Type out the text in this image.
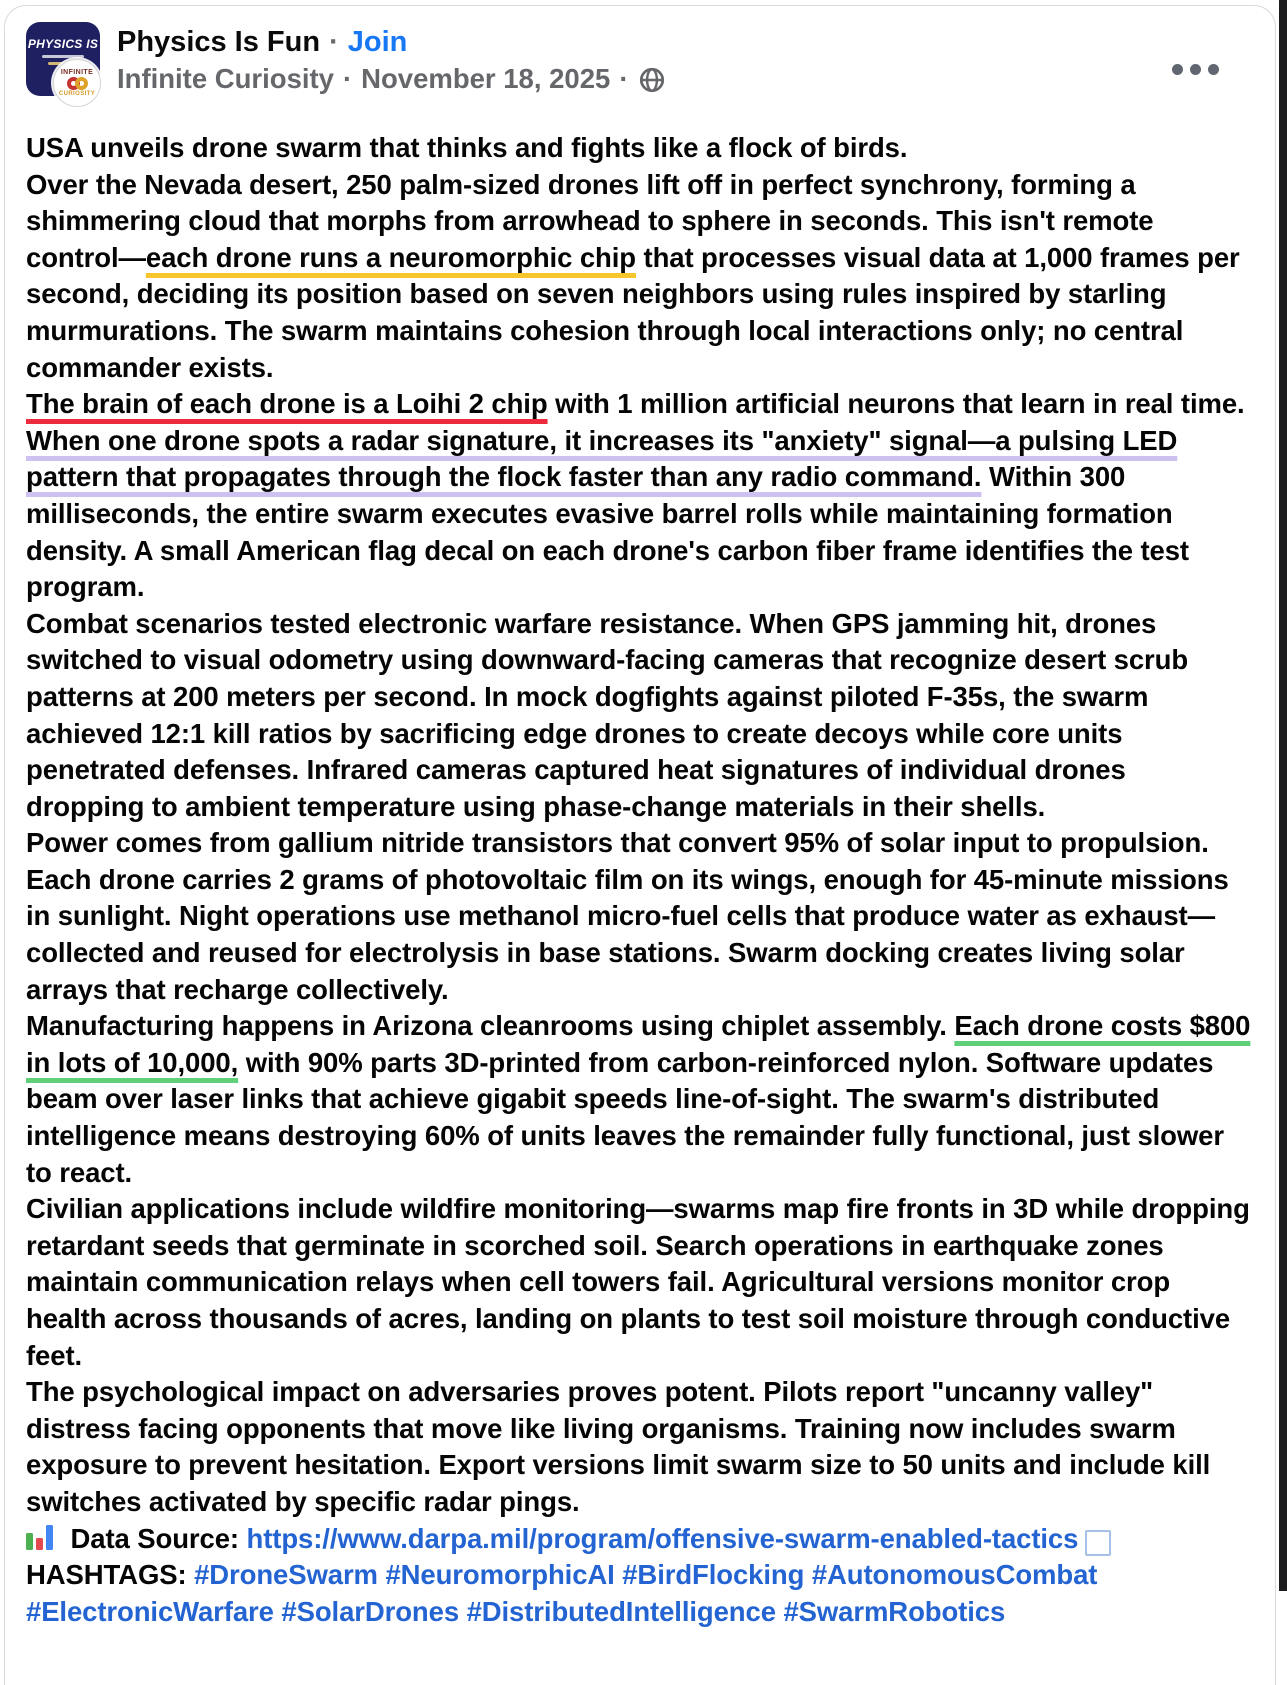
PHYSICS IS
INFINITE
CURIOSITY
Physics Is Fun · Join
Infinite Curiosity · November 18, 2025 ·
USA unveils drone swarm that thinks and fights like a flock of birds.
Over the Nevada desert, 250 palm-sized drones lift off in perfect synchrony, forming a shimmering cloud that morphs from arrowhead to sphere in seconds. This isn't remote control—each drone runs a neuromorphic chip that processes visual data at 1,000 frames per second, deciding its position based on seven neighbors using rules inspired by starling murmurations. The swarm maintains cohesion through local interactions only; no central commander exists.
The brain of each drone is a Loihi 2 chip with 1 million artificial neurons that learn in real time. When one drone spots a radar signature, it increases its "anxiety" signal—a pulsing LED pattern that propagates through the flock faster than any radio command. Within 300 milliseconds, the entire swarm executes evasive barrel rolls while maintaining formation density. A small American flag decal on each drone's carbon fiber frame identifies the test program.
Combat scenarios tested electronic warfare resistance. When GPS jamming hit, drones switched to visual odometry using downward-facing cameras that recognize desert scrub patterns at 200 meters per second. In mock dogfights against piloted F-35s, the swarm achieved 12:1 kill ratios by sacrificing edge drones to create decoys while core units penetrated defenses. Infrared cameras captured heat signatures of individual drones dropping to ambient temperature using phase-change materials in their shells.
Power comes from gallium nitride transistors that convert 95% of solar input to propulsion. Each drone carries 2 grams of photovoltaic film on its wings, enough for 45-minute missions in sunlight. Night operations use methanol micro-fuel cells that produce water as exhaust—collected and reused for electrolysis in base stations. Swarm docking creates living solar arrays that recharge collectively.
Manufacturing happens in Arizona cleanrooms using chiplet assembly. Each drone costs $800 in lots of 10,000, with 90% parts 3D-printed from carbon-reinforced nylon. Software updates beam over laser links that achieve gigabit speeds line-of-sight. The swarm's distributed intelligence means destroying 60% of units leaves the remainder fully functional, just slower to react.
Civilian applications include wildfire monitoring—swarms map fire fronts in 3D while dropping retardant seeds that germinate in scorched soil. Search operations in earthquake zones maintain communication relays when cell towers fail. Agricultural versions monitor crop health across thousands of acres, landing on plants to test soil moisture through conductive feet.
The psychological impact on adversaries proves potent. Pilots report "uncanny valley" distress facing opponents that move like living organisms. Training now includes swarm exposure to prevent hesitation. Export versions limit swarm size to 50 units and include kill switches activated by specific radar pings.
Data Source: https://www.darpa.mil/program/offensive-swarm-enabled-tactics
HASHTAGS: #DroneSwarm #NeuromorphicAI #BirdFlocking #AutonomousCombat #ElectronicWarfare #SolarDrones #DistributedIntelligence #SwarmRobotics
